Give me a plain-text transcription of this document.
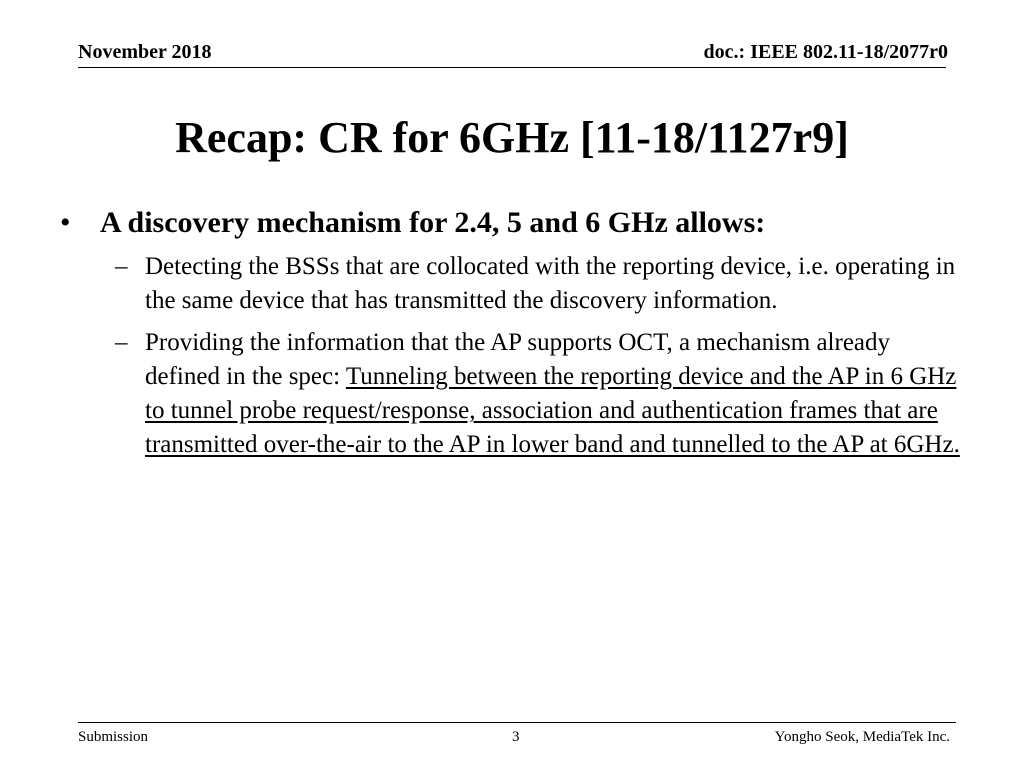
November 2018	doc.: IEEE 802.11-18/2077r0
Recap: CR for 6GHz [11-18/1127r9]
• A discovery mechanism for 2.4, 5 and 6 GHz allows:
– Detecting the BSSs that are collocated with the reporting device, i.e. operating in the same device that has transmitted the discovery information.
– Providing the information that the AP supports OCT, a mechanism already defined in the spec: Tunneling between the reporting device and the AP in 6 GHz to tunnel probe request/response, association and authentication frames that are transmitted over-the-air to the AP in lower band and tunnelled to the AP at 6GHz.
Submission	3	Yongho Seok, MediaTek Inc.
